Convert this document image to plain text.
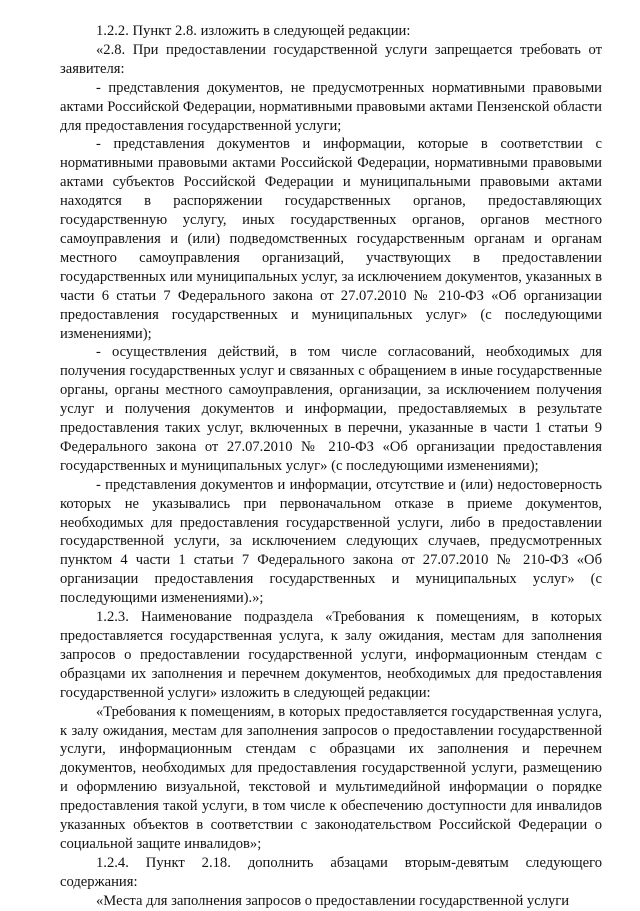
1.2.2. Пункт 2.8. изложить в следующей редакции:

«2.8. При предоставлении государственной услуги запрещается требовать от заявителя:

- представления документов, не предусмотренных нормативными правовыми актами Российской Федерации, нормативными правовыми актами Пензенской области для предоставления государственной услуги;

- представления документов и информации, которые в соответствии с нормативными правовыми актами Российской Федерации, нормативными правовыми актами субъектов Российской Федерации и муниципальными правовыми актами находятся в распоряжении государственных органов, предоставляющих государственную услугу, иных государственных органов, органов местного самоуправления и (или) подведомственных государственным органам и органам местного самоуправления организаций, участвующих в предоставлении государственных или муниципальных услуг, за исключением документов, указанных в части 6 статьи 7 Федерального закона от 27.07.2010 № 210-ФЗ «Об организации предоставления государственных и муниципальных услуг» (с последующими изменениями);

- осуществления действий, в том числе согласований, необходимых для получения государственных услуг и связанных с обращением в иные государственные органы, органы местного самоуправления, организации, за исключением получения услуг и получения документов и информации, предоставляемых в результате предоставления таких услуг, включенных в перечни, указанные в части 1 статьи 9 Федерального закона от 27.07.2010 № 210-ФЗ «Об организации предоставления государственных и муниципальных услуг» (с последующими изменениями);

- представления документов и информации, отсутствие и (или) недостоверность которых не указывались при первоначальном отказе в приеме документов, необходимых для предоставления государственной услуги, либо в предоставлении государственной услуги, за исключением следующих случаев, предусмотренных пунктом 4 части 1 статьи 7 Федерального закона от 27.07.2010 № 210-ФЗ «Об организации предоставления государственных и муниципальных услуг» (с последующими изменениями).»;

1.2.3. Наименование подраздела «Требования к помещениям, в которых предоставляется государственная услуга, к залу ожидания, местам для заполнения запросов о предоставлении государственной услуги, информационным стендам с образцами их заполнения и перечнем документов, необходимых для предоставления государственной услуги» изложить в следующей редакции:

«Требования к помещениям, в которых предоставляется государственная услуга, к залу ожидания, местам для заполнения запросов о предоставлении государственной услуги, информационным стендам с образцами их заполнения и перечнем документов, необходимых для предоставления государственной услуги, размещению и оформлению визуальной, текстовой и мультимедийной информации о порядке предоставления такой услуги, в том числе к обеспечению доступности для инвалидов указанных объектов в соответствии с законодательством Российской Федерации о социальной защите инвалидов»;

1.2.4. Пункт 2.18. дополнить абзацами вторым-девятым следующего содержания:

«Места для заполнения запросов о предоставлении государственной услуги
